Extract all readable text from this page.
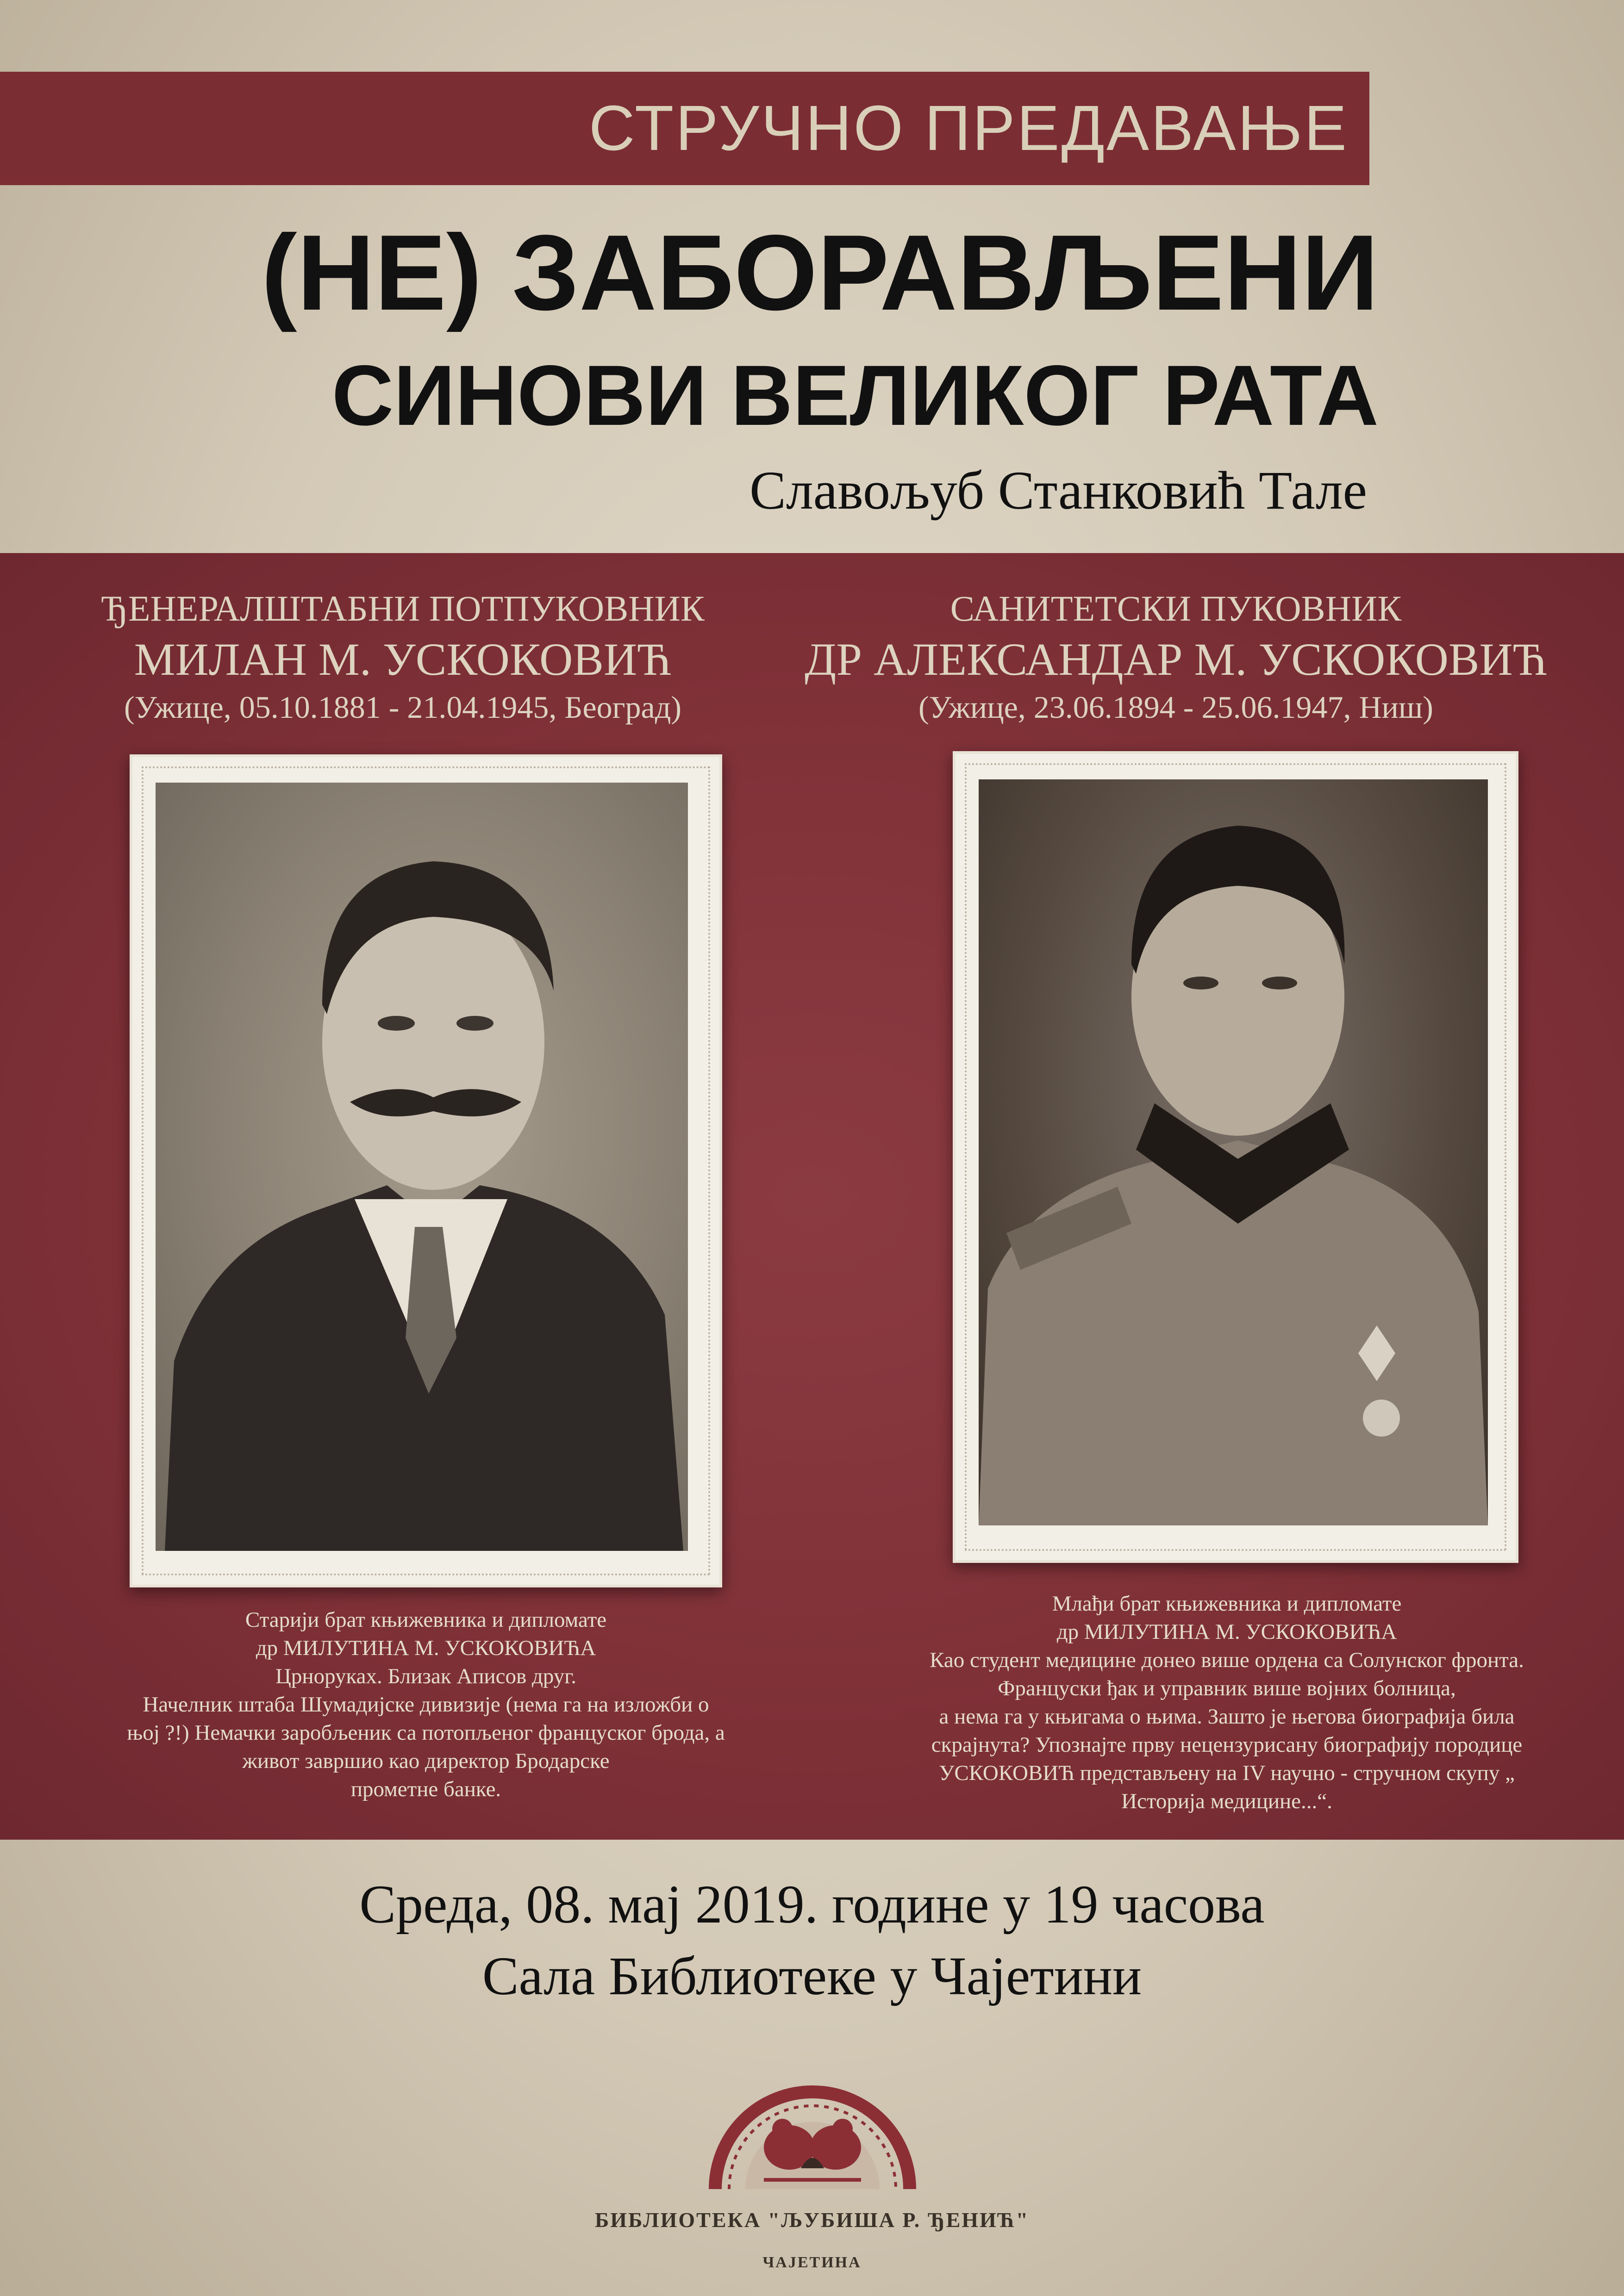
СТРУЧНО ПРЕДАВАЊЕ
(НЕ) ЗАБОРАВЉЕНИ
СИНОВИ ВЕЛИКОГ РАТА
Славољуб Станковић Тале
ЂЕНЕРАЛШТАБНИ ПОТПУКОВНИК
МИЛАН М. УСКОКОВИЋ
(Ужице, 05.10.1881 - 21.04.1945, Београд)
САНИТЕТСКИ ПУКОВНИК
ДР АЛЕКСАНДАР М. УСКОКОВИЋ
(Ужице, 23.06.1894 - 25.06.1947, Ниш)
Старији брат књижевника и дипломате
др МИЛУТИНА М. УСКОКОВИЋА
Црноруках. Близак Аписов друг.
Начелник штаба Шумадијске дивизије (нема га на изложби о
њој ?!) Немачки заробљеник са потопљеног француског брода, а
живот завршио као директор Бродарске
прометне банке.
Млађи брат књижевника и дипломате
др МИЛУТИНА М. УСКОКОВИЋА
Као студент медицине донео више ордена са Солунског фронта.
Француски ђак и управник више војних болница,
а нема га у књигама о њима. Зашто је његова биографија била
скрајнута? Упознајте прву нецензурисану биографију породице
УСКОКОВИЋ представљену на IV научно - стручном скупу „
Историја медицине...“.
Среда, 08. мај 2019. године у 19 часова
Сала Библиотеке у Чајетини
БИБЛИОТЕКА "ЉУБИША Р. ЂЕНИЋ"
ЧАЈЕТИНА
